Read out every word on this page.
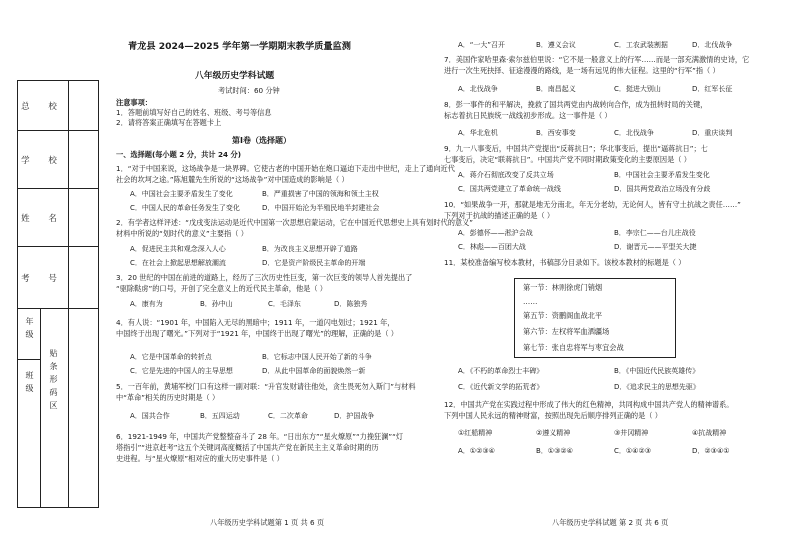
总 校
学 校
姓 名
考 号
年级
班级 贴条形码区
青龙县 2024—2025 学年第一学期期末教学质量监测
八年级历史学科试题
考试时间：60 分钟
注意事项：
1．答题前填写好自己的姓名、班级、考号等信息
2．请将答案正确填写在答题卡上
第Ⅰ卷（选择题）
一、选择题(每小题 2 分，共计 24 分)
1．“对于中国来说，这场战争是一块界碑。它使古老的中国开始在炮口逼迫下走出中世纪，走上了通向近代
社会的坎坷之途。”陈旭麓先生所说的“这场战争”对中国造成的影响是（ ）
A．中国社会主要矛盾发生了变化	B．严重损害了中国的领海和领土主权
C．中国人民的革命任务发生了变化	D．中国开始沦为半殖民地半封建社会
2．有学者这样评述：“戊戌变法运动是近代中国第一次思想启蒙运动，它在中国近代思想史上具有划时代的意义”
材料中所说的“划时代的意义”主要指（ ）
A．促进民主共和观念深入人心	B．为改良主义思想开辟了道路
C．在社会上掀起思想解放潮流	D．它是资产阶级民主革命的开端
3．20 世纪的中国在前进的道路上，经历了三次历史性巨变，第一次巨变的领导人首先提出了
“驱除鞑虏”的口号，开创了完全意义上的近代民主革命，他是（ ）
A．康有为	B．孙中山	C．毛泽东	D．陈独秀
4．有人说：“1901 年，中国陷入无尽的黑暗中；1911 年，一道闪电划过；1921 年，
中国终于出现了曙光。”下列对于“1921 年，中国终于出现了曙光”的理解，正确的是（ ）
A．它是中国革命的转折点	B．它标志中国人民开始了新的斗争
C．它是先进的中国人的主导思想	D．从此中国革命的面貌焕然一新
5．一百年前，黄埔军校门口有这样一副对联：“升官发财请往他处，贪生畏死勿入斯门”与材料
中“革命”相关的历史时期是（ ）
A．国共合作	B．五四运动	C．二次革命	D．护国战争
6．1921-1949 年，中国共产党整整奋斗了 28 年。“日出东方”“星火燎原”“力挽狂澜”“灯
塔指引”“进京赶考”这五个关键词高度概括了中国共产党在新民主主义革命时期的历
史进程。与“星火燎原”相对应的重大历史事件是（ ）
八年级历史学科试题第 1 页 共 6 页
A．“一大”召开	B．遵义会议	C．工农武装割据	D．北伐战争
7．美国作家哈里森·索尔兹伯里说：“它不是一般意义上的行军……而是一部充满激情的史诗，它
进行一次生死抉择、征途漫漫的路线，是一场有远见的伟大征程。这里的“行军”指（ ）
A．北伐战争	B．南昌起义	C．挺进大别山	D．红军长征
8．彭一事件的和平解决，挽救了国共两党由内战转向合作，成为扭转时局的关键，
标志着抗日民族统一战线初步形成。这一事件是（ ）
A．华北危机	B．西安事变	C．北伐战争	D．重庆谈判
9．九一八事变后，中国共产党提出“反蒋抗日”；华北事变后，提出“逼蒋抗日”；七
七事变后，决定“联蒋抗日”。中国共产党不同时期政策变化的主要原因是（ ）
A．蒋介石彻底改变了反共立场	B．中国社会主要矛盾发生变化
C．国共两党建立了革命统一战线	D．国共两党政治立场没有分歧
10．“如果战争一开，那就是地无分南北，年无分老幼，无论何人，皆有守土抗战之责任……”
下列对于抗战的描述正确的是（ ）
A．彭德怀——淞沪会战	B．李宗仁——台儿庄战役
C．林彪——百团大战	D．谢晋元——平型关大捷
11．某校准备编写校本教材，书稿部分目录如下。该校本教材的标题是（ ）
第一节：林则徐虎门销烟
……
第五节：资鹏阁血战北平
第六节：左权将军血洒疆场
第七节：张自忠将军与枣宜会战
A．《不朽的革命烈士丰碑》	B．《中国近代民族英雄传》
C．《近代新文学的拓荒者》	D．《追求民主的思想先驱》
12．中国共产党在实践过程中形成了伟大的红色精神，共同构成中国共产党人的精神谱系。
下列中国人民永远的精神财富，按照出现先后顺序排列正确的是（ ）
①红船精神	②遵义精神	③井冈精神	④抗战精神
A．①②③④	B．①③②④	C．①④②③	D．②③④①
八年级历史学科试题 第 2 页 共 6 页
